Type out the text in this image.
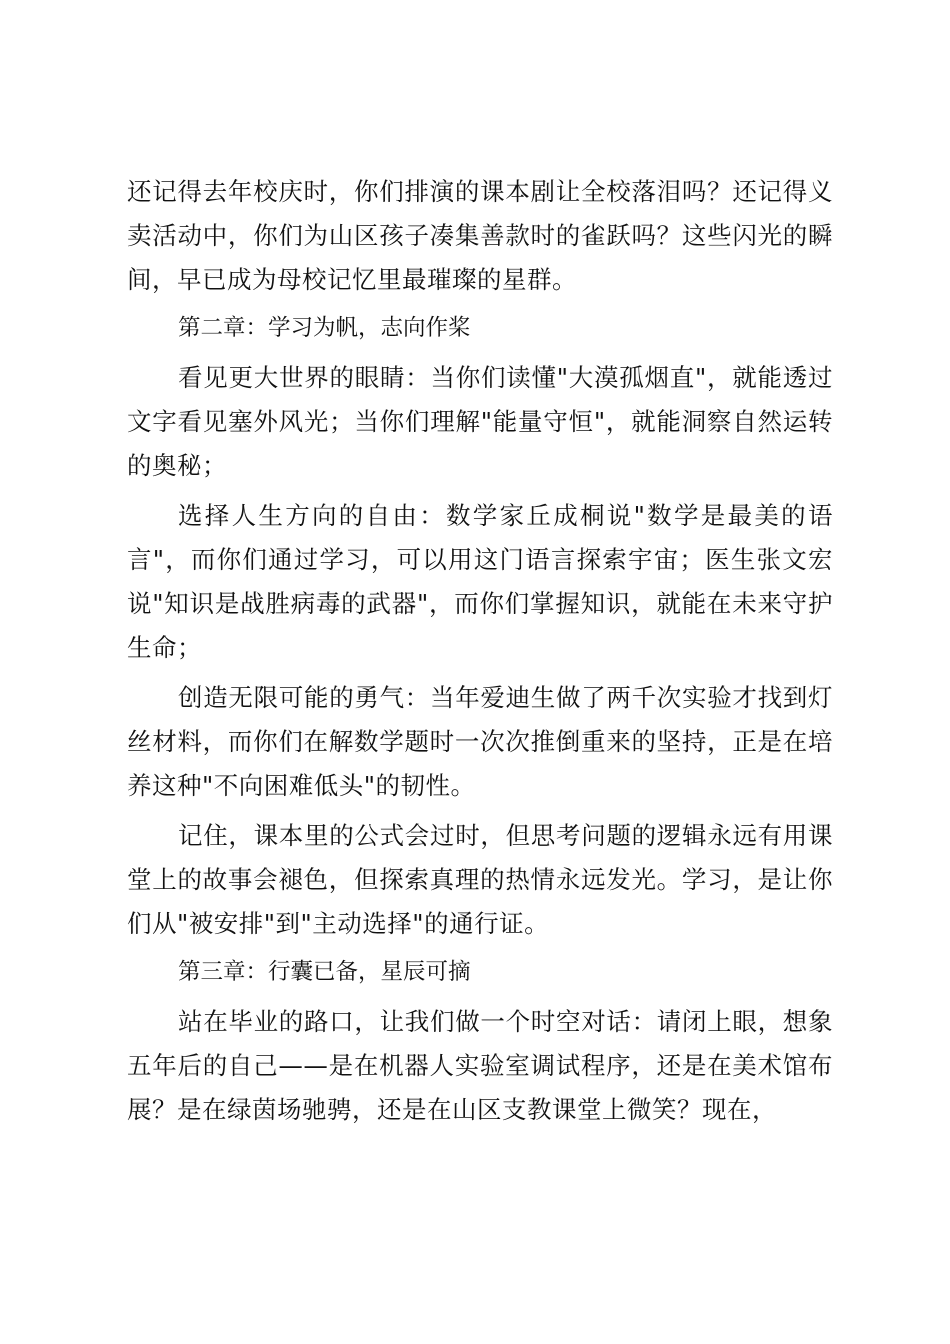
还记得去年校庆时，你们排演的课本剧让全校落泪吗？还记得义卖活动中，你们为山区孩子凑集善款时的雀跃吗？这些闪光的瞬间，早已成为母校记忆里最璀璨的星群。

第二章：学习为帆，志向作桨

看见更大世界的眼睛：当你们读懂"大漠孤烟直"，就能透过文字看见塞外风光；当你们理解"能量守恒"，就能洞察自然运转的奥秘；

选择人生方向的自由：数学家丘成桐说"数学是最美的语言"，而你们通过学习，可以用这门语言探索宇宙；医生张文宏说"知识是战胜病毒的武器"，而你们掌握知识，就能在未来守护生命；

创造无限可能的勇气：当年爱迪生做了两千次实验才找到灯丝材料，而你们在解数学题时一次次推倒重来的坚持，正是在培养这种"不向困难低头"的韧性。

记住，课本里的公式会过时，但思考问题的逻辑永远有用课堂上的故事会褪色，但探索真理的热情永远发光。学习，是让你们从"被安排"到"主动选择"的通行证。

第三章：行囊已备，星辰可摘

站在毕业的路口，让我们做一个时空对话：请闭上眼，想象五年后的自己——是在机器人实验室调试程序，还是在美术馆布展？是在绿茵场驰骋，还是在山区支教课堂上微笑？现在，
